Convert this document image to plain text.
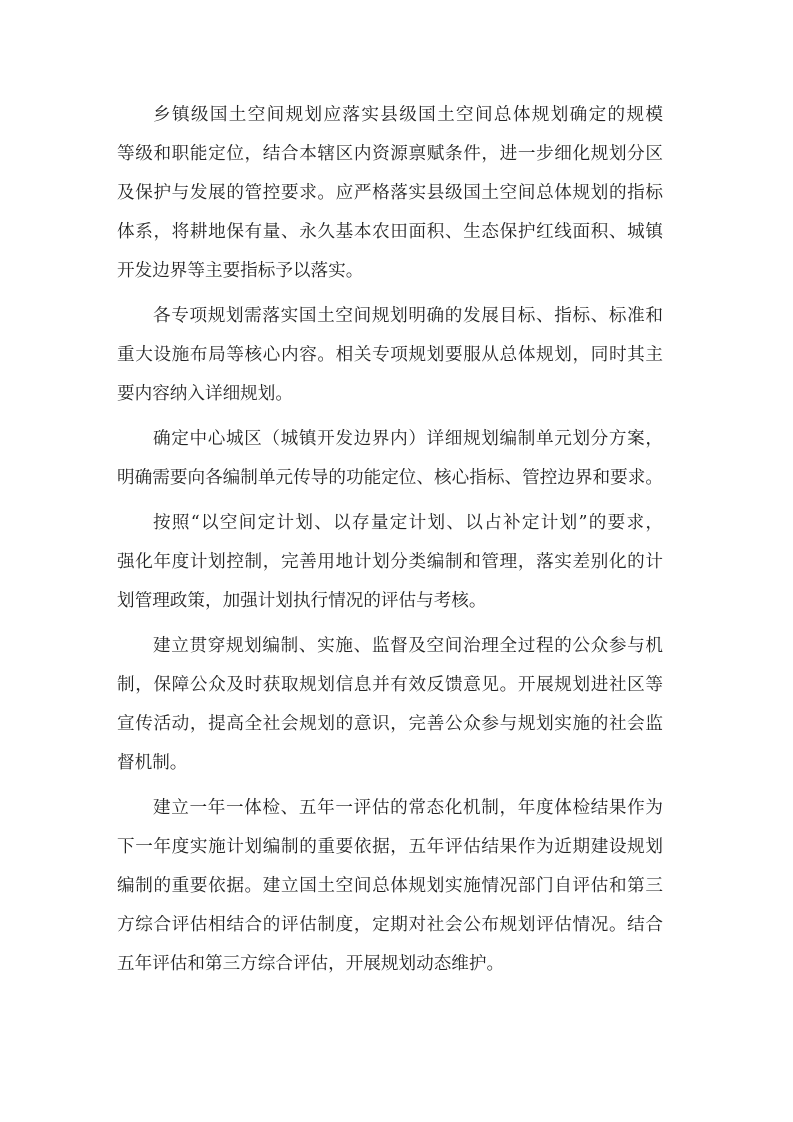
乡镇级国土空间规划应落实县级国土空间总体规划确定的规模
等级和职能定位，结合本辖区内资源禀赋条件，进一步细化规划分区
及保护与发展的管控要求。应严格落实县级国土空间总体规划的指标
体系，将耕地保有量、永久基本农田面积、生态保护红线面积、城镇
开发边界等主要指标予以落实。
各专项规划需落实国土空间规划明确的发展目标、指标、标准和
重大设施布局等核心内容。相关专项规划要服从总体规划，同时其主
要内容纳入详细规划。
确定中心城区（城镇开发边界内）详细规划编制单元划分方案，
明确需要向各编制单元传导的功能定位、核心指标、管控边界和要求。
按照“以空间定计划、以存量定计划、以占补定计划”的要求，
强化年度计划控制，完善用地计划分类编制和管理，落实差别化的计
划管理政策，加强计划执行情况的评估与考核。
建立贯穿规划编制、实施、监督及空间治理全过程的公众参与机
制，保障公众及时获取规划信息并有效反馈意见。开展规划进社区等
宣传活动，提高全社会规划的意识，完善公众参与规划实施的社会监
督机制。
建立一年一体检、五年一评估的常态化机制，年度体检结果作为
下一年度实施计划编制的重要依据，五年评估结果作为近期建设规划
编制的重要依据。建立国土空间总体规划实施情况部门自评估和第三
方综合评估相结合的评估制度，定期对社会公布规划评估情况。结合
五年评估和第三方综合评估，开展规划动态维护。
